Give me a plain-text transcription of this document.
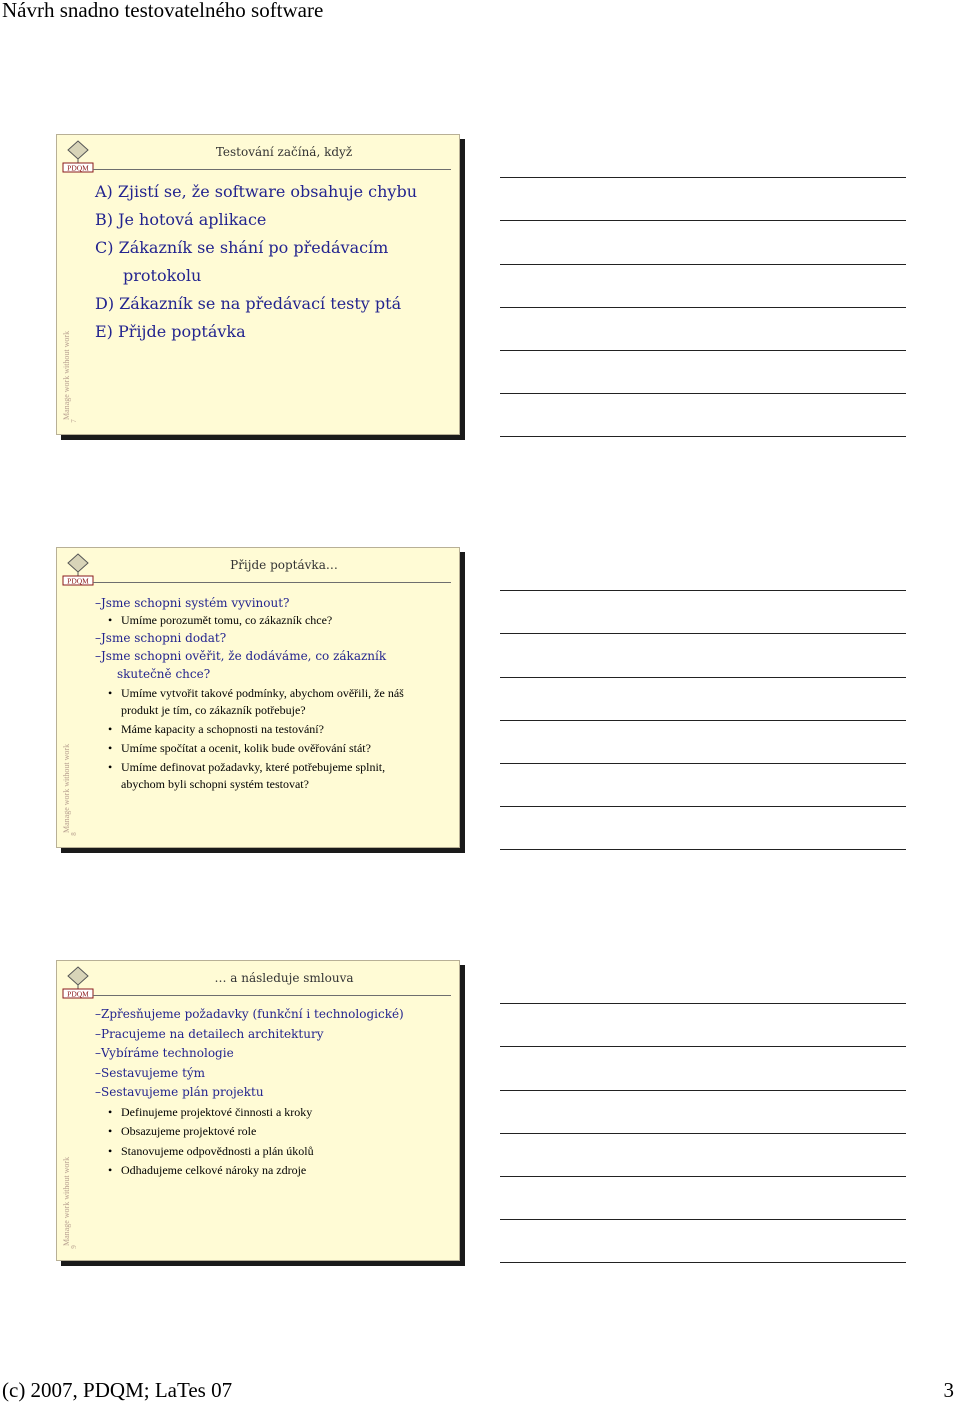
Návrh snadno testovatelného software
PDQM
Testování začíná, když
Manage work without work
7
A) Zjistí se, že software obsahuje chybu
B) Je hotová aplikace
C) Zákazník se shání po předávacím
protokolu
D) Zákazník se na předávací testy ptá
E) Přijde poptávka
PDQM
Přijde poptávka…
Manage work without work
8
–Jsme schopni systém vyvinout?
• Umíme porozumět tomu, co zákazník chce?
–Jsme schopni dodat?
–Jsme schopni ověřit, že dodáváme, co zákazník
skutečně chce?
• Umíme vytvořit takové podmínky, abychom ověřili, že náš
produkt je tím, co zákazník potřebuje?
• Máme kapacity a schopnosti na testování?
• Umíme spočítat a ocenit, kolik bude ověřování stát?
• Umíme definovat požadavky, které potřebujeme splnit,
abychom byli schopni systém testovat?
PDQM
… a následuje smlouva
Manage work without work
9
–Zpřesňujeme požadavky (funkční i technologické)
–Pracujeme na detailech architektury
–Vybíráme technologie
–Sestavujeme tým
–Sestavujeme plán projektu
• Definujeme projektové činnosti a kroky
• Obsazujeme projektové role
• Stanovujeme odpovědnosti a plán úkolů
• Odhadujeme celkové nároky na zdroje
(c) 2007, PDQM; LaTes 07	3
